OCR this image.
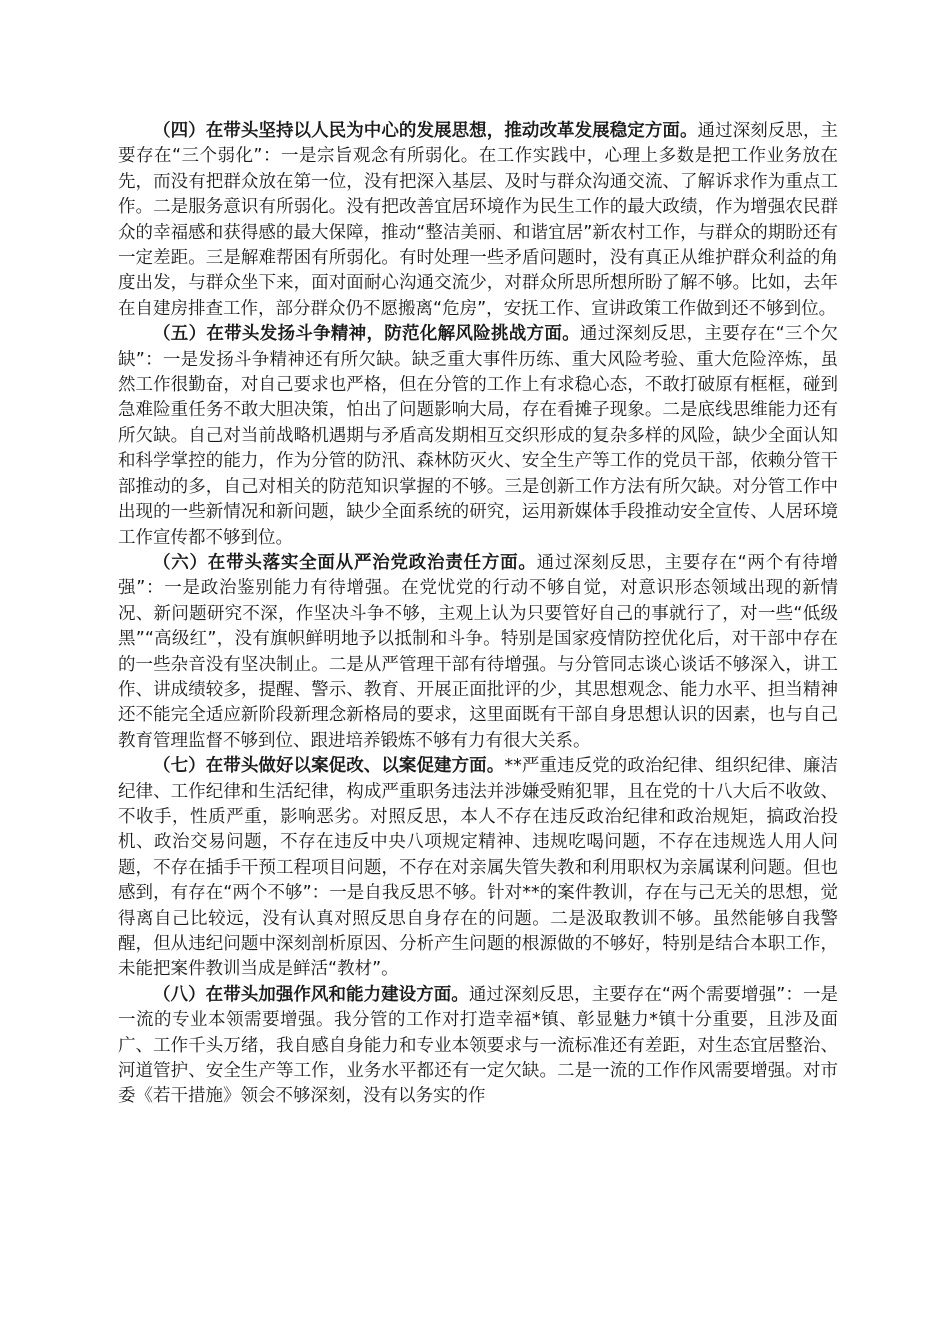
（四）在带头坚持以人民为中心的发展思想，推动改革发展稳定方面。通过深刻反思，主要存在“三个弱化”：一是宗旨观念有所弱化。在工作实践中，心理上多数是把工作业务放在先，而没有把群众放在第一位，没有把深入基层、及时与群众沟通交流、了解诉求作为重点工作。二是服务意识有所弱化。没有把改善宜居环境作为民生工作的最大政绩，作为增强农民群众的幸福感和获得感的最大保障，推动“整洁美丽、和谐宜居”新农村工作，与群众的期盼还有一定差距。三是解难帮困有所弱化。有时处理一些矛盾问题时，没有真正从维护群众利益的角度出发，与群众坐下来，面对面耐心沟通交流少，对群众所思所想所盼了解不够。比如，去年在自建房排查工作，部分群众仍不愿搬离“危房”，安抚工作、宣讲政策工作做到还不够到位。

（五）在带头发扬斗争精神，防范化解风险挑战方面。通过深刻反思，主要存在“三个欠缺”：一是发扬斗争精神还有所欠缺。缺乏重大事件历练、重大风险考验、重大危险淬炼，虽然工作很勤奋，对自己要求也严格，但在分管的工作上有求稳心态，不敢打破原有框框，碰到急难险重任务不敢大胆决策，怕出了问题影响大局，存在看摊子现象。二是底线思维能力还有所欠缺。自己对当前战略机遇期与矛盾高发期相互交织形成的复杂多样的风险，缺少全面认知和科学掌控的能力，作为分管的防汛、森林防灭火、安全生产等工作的党员干部，依赖分管干部推动的多，自己对相关的防范知识掌握的不够。三是创新工作方法有所欠缺。对分管工作中出现的一些新情况和新问题，缺少全面系统的研究，运用新媒体手段推动安全宣传、人居环境工作宣传都不够到位。

（六）在带头落实全面从严治党政治责任方面。通过深刻反思，主要存在“两个有待增强”：一是政治鉴别能力有待增强。在党忧党的行动不够自觉，对意识形态领域出现的新情况、新问题研究不深，作坚决斗争不够，主观上认为只要管好自己的事就行了，对一些“低级黑”“高级红”，没有旗帜鲜明地予以抵制和斗争。特别是国家疫情防控优化后，对干部中存在的一些杂音没有坚决制止。二是从严管理干部有待增强。与分管同志谈心谈话不够深入，讲工作、讲成绩较多，提醒、警示、教育、开展正面批评的少，其思想观念、能力水平、担当精神还不能完全适应新阶段新理念新格局的要求，这里面既有干部自身思想认识的因素，也与自己教育管理监督不够到位、跟进培养锻炼不够有力有很大关系。

（七）在带头做好以案促改、以案促建方面。**严重违反党的政治纪律、组织纪律、廉洁纪律、工作纪律和生活纪律，构成严重职务违法并涉嫌受贿犯罪，且在党的十八大后不收敛、不收手，性质严重，影响恶劣。对照反思，本人不存在违反政治纪律和政治规矩，搞政治投机、政治交易问题，不存在违反中央八项规定精神、违规吃喝问题，不存在违规选人用人问题，不存在插手干预工程项目问题，不存在对亲属失管失教和利用职权为亲属谋利问题。但也感到，有存在“两个不够”：一是自我反思不够。针对**的案件教训，存在与己无关的思想，觉得离自己比较远，没有认真对照反思自身存在的问题。二是汲取教训不够。虽然能够自我警醒，但从违纪问题中深刻剖析原因、分析产生问题的根源做的不够好，特别是结合本职工作，未能把案件教训当成是鲜活“教材”。

（八）在带头加强作风和能力建设方面。通过深刻反思，主要存在“两个需要增强”：一是一流的专业本领需要增强。我分管的工作对打造幸福*镇、彰显魅力*镇十分重要，且涉及面广、工作千头万绪，我自感自身能力和专业本领要求与一流标准还有差距，对生态宜居整治、河道管护、安全生产等工作，业务水平都还有一定欠缺。二是一流的工作作风需要增强。对市委《若干措施》领会不够深刻，没有以务实的作
